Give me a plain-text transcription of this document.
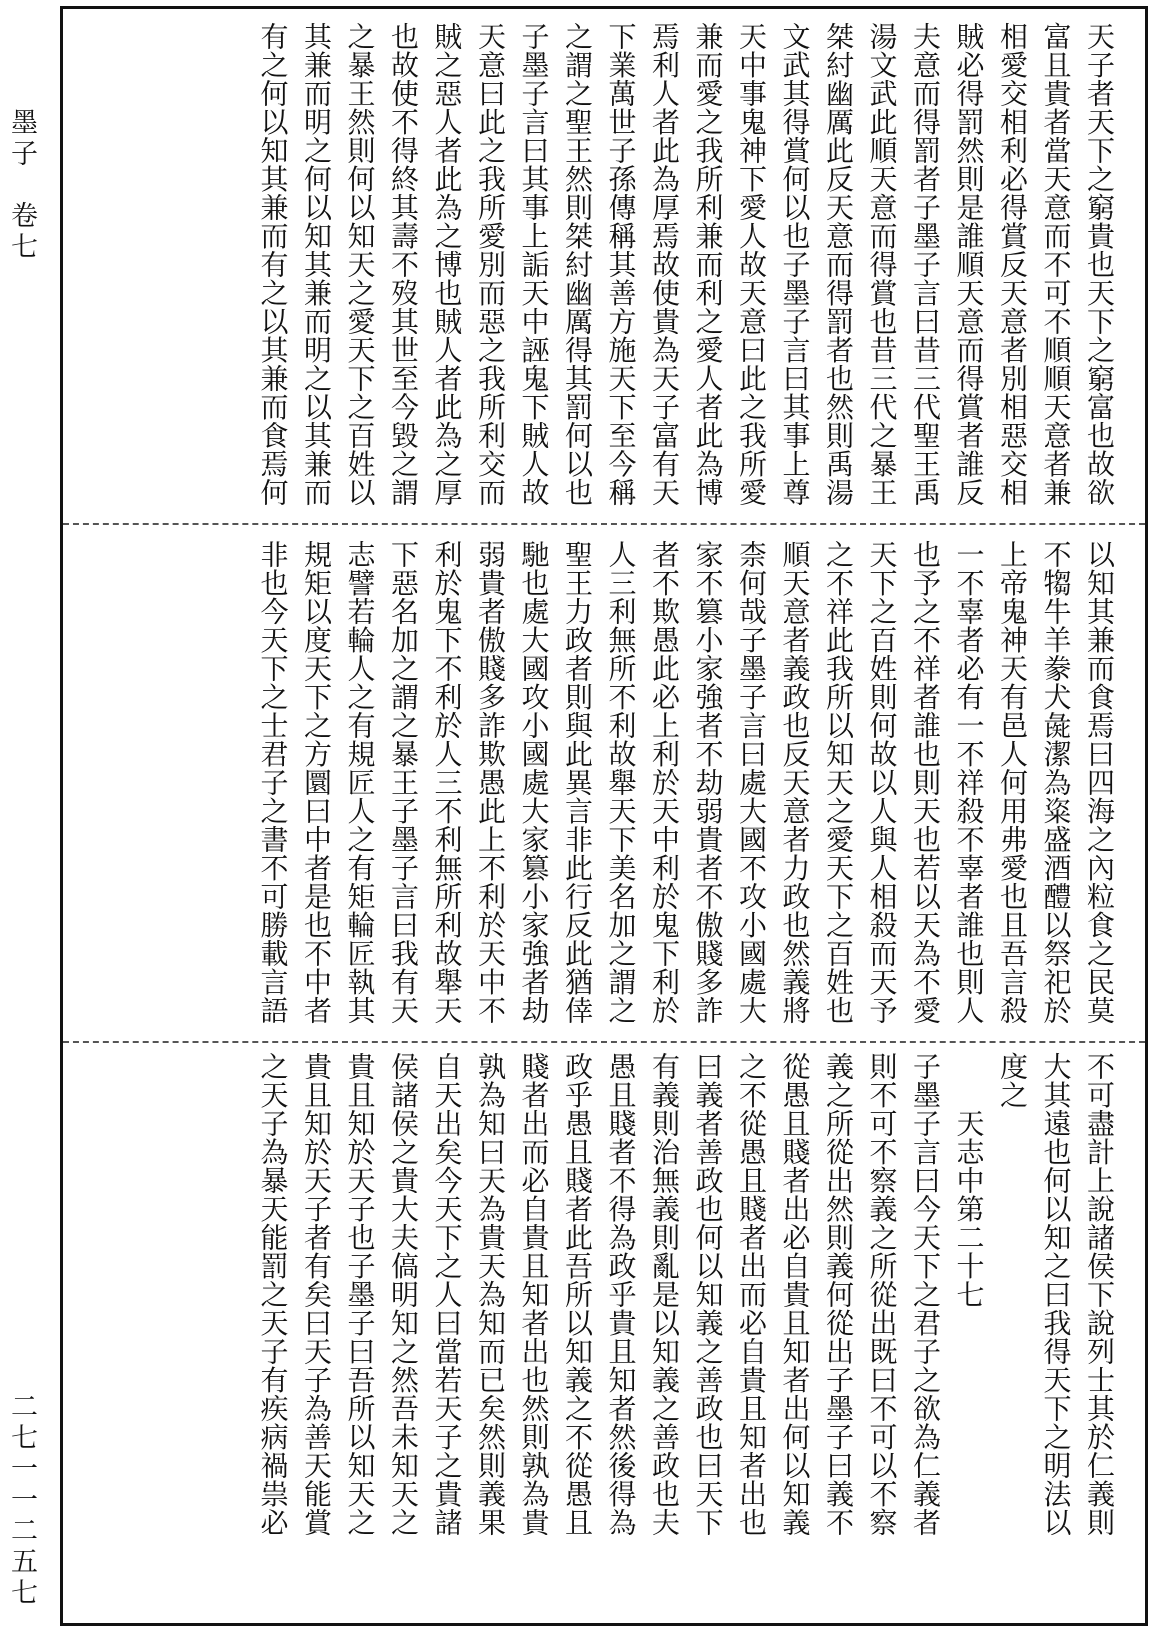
墨子　卷七
二七一一二五七
天子者天下之窮貴也天下之窮富也故欲
富且貴者當天意而不可不順順天意者兼
相愛交相利必得賞反天意者別相惡交相
賊必得罰然則是誰順天意而得賞者誰反
夫意而得罰者子墨子言曰昔三代聖王禹
湯文武此順天意而得賞也昔三代之暴王
桀紂幽厲此反天意而得罰者也然則禹湯
文武其得賞何以也子墨子言曰其事上尊
天中事鬼神下愛人故天意曰此之我所愛
兼而愛之我所利兼而利之愛人者此為博
焉利人者此為厚焉故使貴為天子富有天
下業萬世子孫傳稱其善方施天下至今稱
之謂之聖王然則桀紂幽厲得其罰何以也
子墨子言曰其事上詬天中誣鬼下賊人故
天意曰此之我所愛別而惡之我所利交而
賊之惡人者此為之博也賊人者此為之厚
也故使不得終其壽不歿其世至今毀之謂
之暴王然則何以知天之愛天下之百姓以
其兼而明之何以知其兼而明之以其兼而
有之何以知其兼而有之以其兼而食焉何
以知其兼而食焉曰四海之內粒食之民莫
不犓牛羊豢犬彘潔為粢盛酒醴以祭祀於
上帝鬼神天有邑人何用弗愛也且吾言殺
一不辜者必有一不祥殺不辜者誰也則人
也予之不祥者誰也則天也若以天為不愛
天下之百姓則何故以人與人相殺而天予
之不祥此我所以知天之愛天下之百姓也
順天意者義政也反天意者力政也然義將
柰何哉子墨子言曰處大國不攻小國處大
家不篡小家強者不劫弱貴者不傲賤多詐
者不欺愚此必上利於天中利於鬼下利於
人三利無所不利故舉天下美名加之謂之
聖王力政者則與此異言非此行反此猶倖
馳也處大國攻小國處大家篡小家強者劫
弱貴者傲賤多詐欺愚此上不利於天中不
利於鬼下不利於人三不利無所利故舉天
下惡名加之謂之暴王子墨子言曰我有天
志譬若輪人之有規匠人之有矩輪匠執其
規矩以度天下之方圜曰中者是也不中者
非也今天下之士君子之書不可勝載言語
不可盡計上說諸侯下說列士其於仁義則
大其遠也何以知之曰我得天下之明法以
度之
　　天志中第二十七
子墨子言曰今天下之君子之欲為仁義者
則不可不察義之所從出既曰不可以不察
義之所從出然則義何從出子墨子曰義不
從愚且賤者出必自貴且知者出何以知義
之不從愚且賤者出而必自貴且知者出也
曰義者善政也何以知義之善政也曰天下
有義則治無義則亂是以知義之善政也夫
愚且賤者不得為政乎貴且知者然後得為
政乎愚且賤者此吾所以知義之不從愚且
賤者出而必自貴且知者出也然則孰為貴
孰為知曰天為貴天為知而已矣然則義果
自天出矣今天下之人曰當若天子之貴諸
侯諸侯之貴大夫傐明知之然吾未知天之
貴且知於天子也子墨子曰吾所以知天之
貴且知於天子者有矣曰天子為善天能賞
之天子為暴天能罰之天子有疾病禍祟必
